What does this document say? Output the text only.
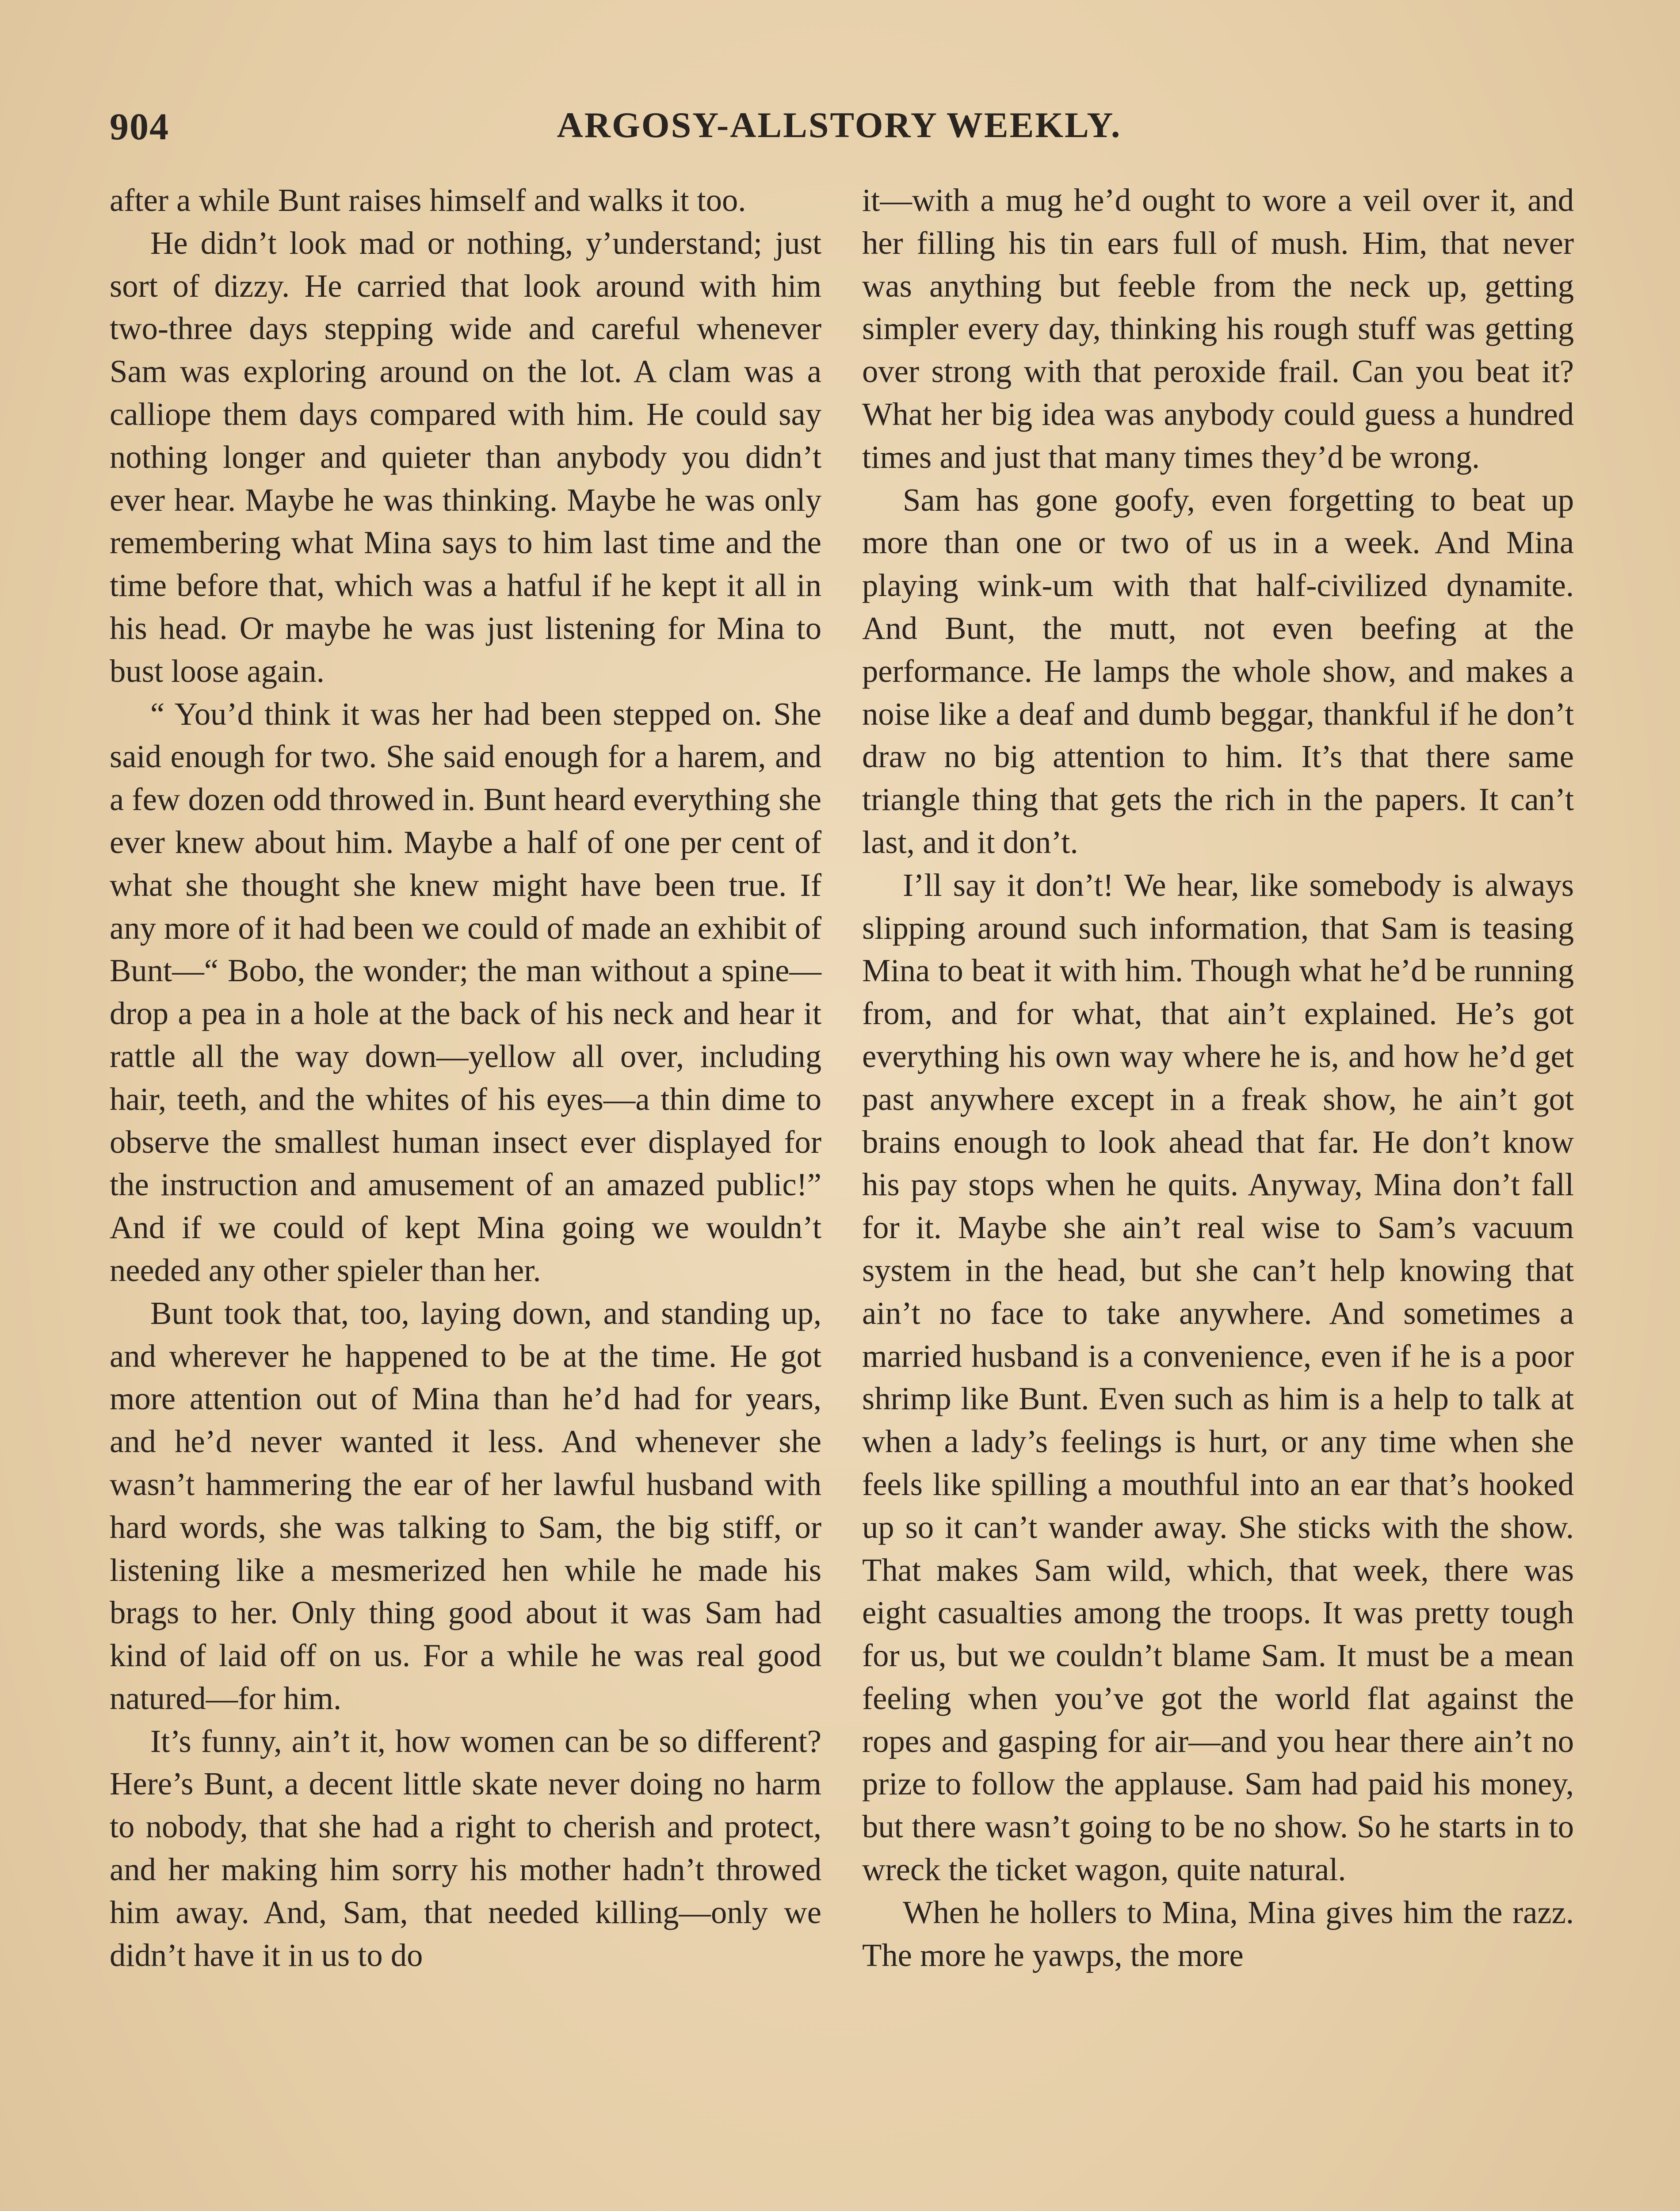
904	ARGOSY-ALLSTORY WEEKLY.

after a while Bunt raises himself and walks it too.

He didn’t look mad or nothing, y’understand; just sort of dizzy. He carried that look around with him two-three days stepping wide and careful whenever Sam was exploring around on the lot. A clam was a calliope them days compared with him. He could say nothing longer and quieter than anybody you didn’t ever hear. Maybe he was thinking. Maybe he was only remembering what Mina says to him last time and the time before that, which was a hatful if he kept it all in his head. Or maybe he was just listening for Mina to bust loose again.

“ You’d think it was her had been stepped on. She said enough for two. She said enough for a harem, and a few dozen odd throwed in. Bunt heard everything she ever knew about him. Maybe a half of one per cent of what she thought she knew might have been true. If any more of it had been we could of made an exhibit of Bunt—“ Bobo, the wonder; the man without a spine—drop a pea in a hole at the back of his neck and hear it rattle all the way down—yellow all over, including hair, teeth, and the whites of his eyes—a thin dime to observe the smallest human insect ever displayed for the instruction and amusement of an amazed public!” And if we could of kept Mina going we wouldn’t needed any other spieler than her.

Bunt took that, too, laying down, and standing up, and wherever he happened to be at the time. He got more attention out of Mina than he’d had for years, and he’d never wanted it less. And whenever she wasn’t hammering the ear of her lawful husband with hard words, she was talking to Sam, the big stiff, or listening like a mesmerized hen while he made his brags to her. Only thing good about it was Sam had kind of laid off on us. For a while he was real good natured—for him.

It’s funny, ain’t it, how women can be so different? Here’s Bunt, a decent little skate never doing no harm to nobody, that she had a right to cherish and protect, and her making him sorry his mother hadn’t throwed him away. And, Sam, that needed killing—only we didn’t have it in us to do

it—with a mug he’d ought to wore a veil over it, and her filling his tin ears full of mush. Him, that never was anything but feeble from the neck up, getting simpler every day, thinking his rough stuff was getting over strong with that peroxide frail. Can you beat it? What her big idea was anybody could guess a hundred times and just that many times they’d be wrong.

Sam has gone goofy, even forgetting to beat up more than one or two of us in a week. And Mina playing wink-um with that half-civilized dynamite. And Bunt, the mutt, not even beefing at the performance. He lamps the whole show, and makes a noise like a deaf and dumb beggar, thankful if he don’t draw no big attention to him. It’s that there same triangle thing that gets the rich in the papers. It can’t last, and it don’t.

I’ll say it don’t! We hear, like somebody is always slipping around such information, that Sam is teasing Mina to beat it with him. Though what he’d be running from, and for what, that ain’t explained. He’s got everything his own way where he is, and how he’d get past anywhere except in a freak show, he ain’t got brains enough to look ahead that far. He don’t know his pay stops when he quits. Anyway, Mina don’t fall for it. Maybe she ain’t real wise to Sam’s vacuum system in the head, but she can’t help knowing that ain’t no face to take anywhere. And sometimes a married husband is a convenience, even if he is a poor shrimp like Bunt. Even such as him is a help to talk at when a lady’s feelings is hurt, or any time when she feels like spilling a mouthful into an ear that’s hooked up so it can’t wander away. She sticks with the show. That makes Sam wild, which, that week, there was eight casualties among the troops. It was pretty tough for us, but we couldn’t blame Sam. It must be a mean feeling when you’ve got the world flat against the ropes and gasping for air—and you hear there ain’t no prize to follow the applause. Sam had paid his money, but there wasn’t going to be no show. So he starts in to wreck the ticket wagon, quite natural.

When he hollers to Mina, Mina gives him the razz. The more he yawps, the more
